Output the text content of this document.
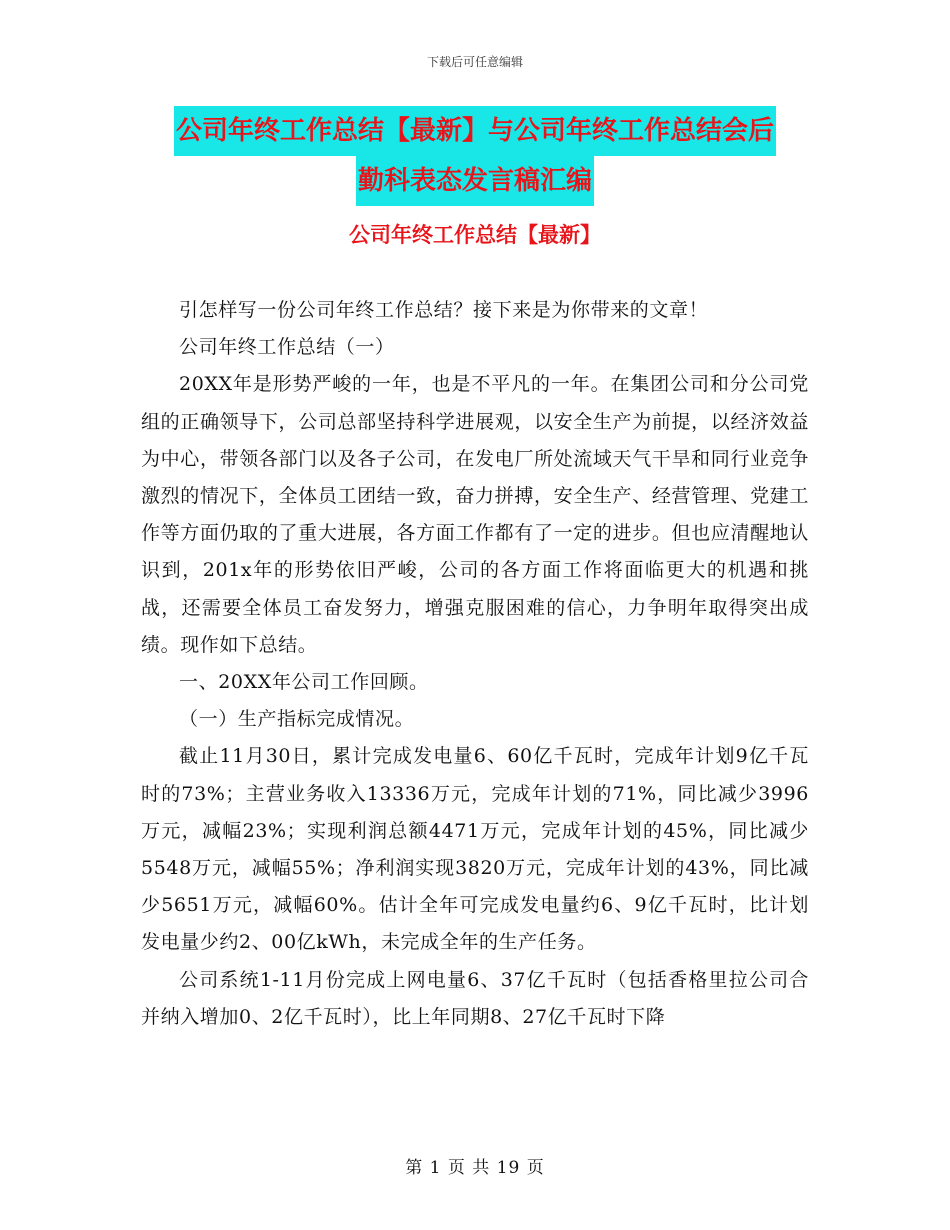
下载后可任意编辑
公司年终工作总结【最新】与公司年终工作总结会后
勤科表态发言稿汇编
公司年终工作总结【最新】

引怎样写一份公司年终工作总结？接下来是为你带来的文章！

公司年终工作总结（一）

20XX年是形势严峻的一年，也是不平凡的一年。在集团公司和分公司党组的正确领导下，公司总部坚持科学进展观，以安全生产为前提，以经济效益为中心，带领各部门以及各子公司，在发电厂所处流域天气干旱和同行业竞争激烈的情况下，全体员工团结一致，奋力拼搏，安全生产、经营管理、党建工作等方面仍取的了重大进展，各方面工作都有了一定的进步。但也应清醒地认识到，201x年的形势依旧严峻，公司的各方面工作将面临更大的机遇和挑战，还需要全体员工奋发努力，增强克服困难的信心，力争明年取得突出成绩。现作如下总结。

一、20XX年公司工作回顾。

（一）生产指标完成情况。

截止11月30日，累计完成发电量6、60亿千瓦时，完成年计划9亿千瓦时的73%；主营业务收入13336万元，完成年计划的71%，同比减少3996万元，减幅23%；实现利润总额4471万元，完成年计划的45%，同比减少5548万元，减幅55%；净利润实现3820万元，完成年计划的43%，同比减少5651万元，减幅60%。估计全年可完成发电量约6、9亿千瓦时，比计划发电量少约2、00亿kWh，未完成全年的生产任务。

公司系统1-11月份完成上网电量6、37亿千瓦时（包括香格里拉公司合并纳入增加0、2亿千瓦时），比上年同期8、27亿千瓦时下降

第 1 页 共 19 页
